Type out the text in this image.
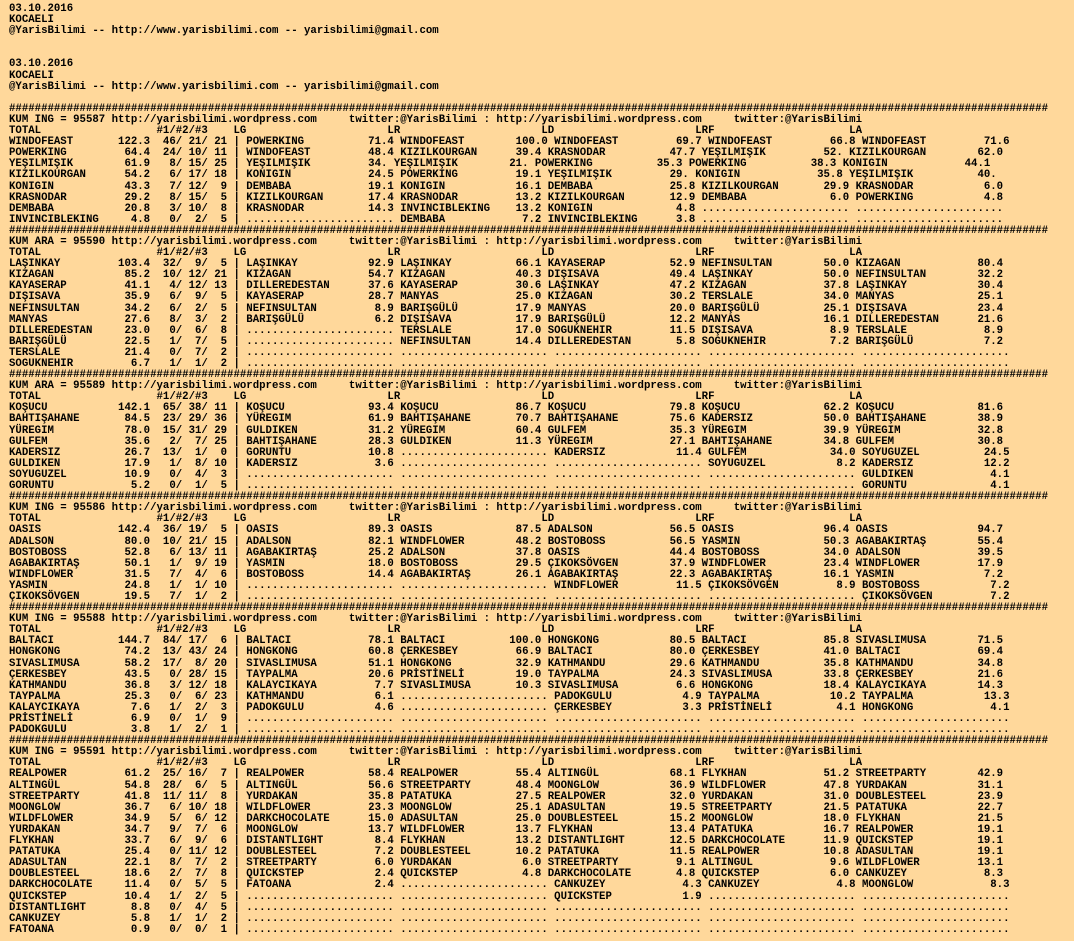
03.10.2016
KOCAELI
@YarisBilimi -- http://www.yarisbilimi.com -- yarisbilimi@gmail.com
03.10.2016
KOCAELI
@YarisBilimi -- http://www.yarisbilimi.com -- yarisbilimi@gmail.com
##################################################################################################################################################################
KUM ING = 95587 http://yarisbilimi.wordpress.com     twitter:@YarisBilimi : http://yarisbilimi.wordpress.com     twitter:@YarisBilimi
TOTAL                  #1/#2/#3    LG                      LR                      LD                      LRF                     LA
WINDOFEAST       122.3  46/ 21/ 21 | POWERKING          71.4 WINDOFEAST        100.0 WINDOFEAST         69.7 WINDOFEAST         66.8 WINDOFEAST         71.6
POWERKING         64.4  24/ 10/ 11 | WINDOFEAST         48.4 KIZILKOURGAN      39.4 KRASNODAR          47.7 YEŞILMIŞIK         52. KIZILKOURGAN        62.0
YEŞILMIŞIK        61.9   8/ 15/ 25 | YEŞILMIŞIK         34. YEŞILMIŞIK        21. POWERKING          35.3 POWERKING          38.3 KONIGIN            44.1
KIZILKOURGAN      54.2   6/ 17/ 18 | KONIGIN            24.5 POWERKING         19.1 YEŞILMIŞIK         29. KONIGIN            35.8 YEŞILMIŞIK          40.
KONIGIN           43.3   7/ 12/  9 | DEMBABA            19.1 KONIGIN           16.1 DEMBABA            25.8 KIZILKOURGAN       29.9 KRASNODAR           6.0
KRASNODAR         29.2   8/ 15/  5 | KIZILKOURGAN       17.4 KRASNODAR         13.2 KIZILKOURGAN       12.9 DEMBABA             6.0 POWERKING           4.8
DEMBABA           20.8   3/ 10/  8 | KRASNODAR          14.3 INVINCIBLEKING    13.2 KONIGIN             4.8 ....................... .......................
INVINCIBLEKING     4.8   0/  2/  5 | ....................... DEMBABA            7.2 INVINCIBLEKING      3.8 ....................... .......................
##################################################################################################################################################################
KUM ARA = 95590 http://yarisbilimi.wordpress.com     twitter:@YarisBilimi : http://yarisbilimi.wordpress.com     twitter:@YarisBilimi
TOTAL                  #1/#2/#3    LG                      LR                      LD                      LRF                     LA
LAŞINKAY         103.4  32/  9/  5 | LAŞINKAY           92.9 LAŞINKAY          66.1 KAYASERAP          52.9 NEFINSULTAN        50.0 KIZAGAN            80.4
KIZAGAN           85.2  10/ 12/ 21 | KIZAGAN            54.7 KIZAGAN           40.3 DIŞISAVA           49.4 LAŞINKAY           50.0 NEFINSULTAN        32.2
KAYASERAP         41.1   4/ 12/ 13 | DILLEREDESTAN      37.6 KAYASERAP         30.6 LAŞINKAY           47.2 KIZAGAN            37.8 LAŞINKAY           30.4
DIŞISAVA          35.9   6/  9/  5 | KAYASERAP          28.7 MANYAS            25.0 KIZAGAN            30.2 TERSLALE           34.0 MANYAS             25.1
NEFINSULTAN       34.2   6/  2/  5 | NEFINSULTAN         8.9 BARIŞGÜLÜ         17.9 MANYAS             20.0 BARIŞGÜLÜ          25.1 DIŞISAVA           23.4
MANYAS            27.6   8/  3/  2 | BARIŞGÜLÜ           6.2 DIŞISAVA          17.9 BARIŞGÜLÜ          12.2 MANYAS             16.1 DILLEREDESTAN      21.6
DILLEREDESTAN     23.0   0/  6/  8 | ....................... TERSLALE          17.0 SOGUKNEHIR         11.5 DIŞISAVA            8.9 TERSLALE            8.9
BARIŞGÜLÜ         22.5   1/  7/  5 | ....................... NEFINSULTAN       14.4 DILLEREDESTAN       5.8 SOGUKNEHIR          7.2 BARIŞGÜLÜ           7.2
TERSLALE          21.4   0/  7/  2 | ....................... ....................... ....................... ....................... .......................
SOGUKNEHIR         6.7   1/  1/  2 | ....................... ....................... ....................... ....................... .......................
##################################################################################################################################################################
KUM ARA = 95589 http://yarisbilimi.wordpress.com     twitter:@YarisBilimi : http://yarisbilimi.wordpress.com     twitter:@YarisBilimi
TOTAL                  #1/#2/#3    LG                      LR                      LD                      LRF                     LA
KOŞUCU           142.1  65/ 38/ 11 | KOŞUCU             93.4 KOŞUCU            86.7 KOŞUCU             79.8 KOŞUCU             62.2 KOŞUCU             81.6
BAHTIŞAHANE       84.5  23/ 29/ 36 | YÜREGIM            61.9 BAHTIŞAHANE       70.7 BAHTIŞAHANE        75.6 KADERSIZ           50.0 BAHTIŞAHANE        38.9
YÜREGIM           78.0  15/ 31/ 29 | GULDIKEN           31.2 YÜREGIM           60.4 GULFEM             35.3 YÜREGIM            39.9 YÜREGIM            32.8
GULFEM            35.6   2/  7/ 25 | BAHTIŞAHANE        28.3 GULDIKEN          11.3 YÜREGIM            27.1 BAHTIŞAHANE        34.8 GULFEM             30.8
KADERSIZ          26.7  13/  1/  0 | GORUNTU            10.8 ....................... KADERSIZ           11.4 GULFEM             34.0 SOYUGUZEL          24.5
GULDIKEN          17.9   1/  8/ 10 | KADERSIZ            3.6 ....................... ....................... SOYUGUZEL           8.2 KADERSIZ           12.2
SOYUGUZEL         10.9   0/  4/  3 | ....................... ....................... ....................... ....................... GULDIKEN            4.1
GORUNTU            5.2   0/  1/  5 | ....................... ....................... ....................... ....................... GORUNTU             4.1
##################################################################################################################################################################
KUM ING = 95586 http://yarisbilimi.wordpress.com     twitter:@YarisBilimi : http://yarisbilimi.wordpress.com     twitter:@YarisBilimi
TOTAL                  #1/#2/#3    LG                      LR                      LD                      LRF                     LA
OASIS            142.4  36/ 19/  5 | OASIS              89.3 OASIS             87.5 ADALSON            56.5 OASIS              96.4 OASIS              94.7
ADALSON           80.0  10/ 21/ 15 | ADALSON            82.1 WINDFLOWER        48.2 BOSTOBOSS          56.5 YASMIN             50.3 AGABAKIRTAŞ        55.4
BOSTOBOSS         52.8   6/ 13/ 11 | AGABAKIRTAŞ        25.2 ADALSON           37.8 OASIS              44.4 BOSTOBOSS          34.0 ADALSON            39.5
AGABAKIRTAŞ       50.1   1/  9/ 19 | YASMIN             18.0 BOSTOBOSS         29.5 ÇIKOKSÖVGEN        37.9 WINDFLOWER         23.4 WINDFLOWER         17.9
WINDFLOWER        31.5   7/  4/  6 | BOSTOBOSS          14.4 AGABAKIRTAŞ       26.1 AGABAKIRTAŞ        22.3 AGABAKIRTAŞ        16.1 YASMIN              7.2
YASMIN            24.8   1/  1/ 10 | ....................... ....................... WINDFLOWER         11.5 ÇIKOKSÖVGEN         8.9 BOSTOBOSS           7.2
ÇIKOKSÖVGEN       19.5   7/  1/  2 | ....................... ....................... ....................... ....................... ÇIKOKSÖVGEN         7.2
##################################################################################################################################################################
KUM ING = 95588 http://yarisbilimi.wordpress.com     twitter:@YarisBilimi : http://yarisbilimi.wordpress.com     twitter:@YarisBilimi
TOTAL                  #1/#2/#3    LG                      LR                      LD                      LRF                     LA
BALTACI          144.7  84/ 17/  6 | BALTACI            78.1 BALTACI          100.0 HONGKONG           80.5 BALTACI            85.8 SIVASLIMUSA        71.5
HONGKONG          74.2  13/ 43/ 24 | HONGKONG           60.8 ÇERKESBEY         66.9 BALTACI            80.0 ÇERKESBEY          41.0 BALTACI            69.4
SIVASLIMUSA       58.2  17/  8/ 20 | SIVASLIMUSA        51.1 HONGKONG          32.9 KATHMANDU          29.6 KATHMANDU          35.8 KATHMANDU          34.8
ÇERKESBEY         43.5   0/ 28/ 15 | TAYPALMA           20.6 PRİSTİNELİ        19.0 TAYPALMA           24.3 SIVASLIMUSA        33.8 ÇERKESBEY          21.6
KATHMANDU         36.8   3/ 12/ 18 | KALAYCIKAYA         7.7 SIVASLIMUSA       10.3 SIVASLIMUSA         6.6 HONGKONG           18.4 KALAYCIKAYA        14.3
TAYPALMA          25.3   0/  6/ 23 | KATHMANDU           6.1 ....................... PADOKGULU           4.9 TAYPALMA           10.2 TAYPALMA           13.3
KALAYCIKAYA        7.6   1/  2/  3 | PADOKGULU           4.6 ....................... ÇERKESBEY           3.3 PRİSTİNELİ          4.1 HONGKONG            4.1
PRİSTİNELİ         6.9   0/  1/  9 | ....................... ....................... ....................... ....................... .......................
PADOKGULU          3.8   1/  2/  1 | ....................... ....................... ....................... ....................... .......................
##################################################################################################################################################################
KUM ING = 95591 http://yarisbilimi.wordpress.com     twitter:@YarisBilimi : http://yarisbilimi.wordpress.com     twitter:@YarisBilimi
TOTAL                  #1/#2/#3    LG                      LR                      LD                      LRF                     LA
REALPOWER         61.2  25/ 16/  7 | REALPOWER          58.4 REALPOWER         55.4 ALTINGÜL           68.1 FLYKHAN            51.2 STREETPARTY        42.9
ALTINGÜL          54.8  28/  6/  5 | ALTINGÜL           56.6 STREETPARTY       48.4 MOONGLOW           36.9 WILDFLOWER         47.8 YURDAKAN           31.1
STREETPARTY       41.8  11/ 11/  8 | YURDAKAN           35.8 PATATUKA          27.5 REALPOWER          32.0 YURDAKAN           31.0 DOUBLESTEEL        23.9
MOONGLOW          36.7   6/ 10/ 18 | WILDFLOWER         23.3 MOONGLOW          25.1 ADASULTAN          19.5 STREETPARTY        21.5 PATATUKA           22.7
WILDFLOWER        34.9   5/  6/ 12 | DARKCHOCOLATE      15.0 ADASULTAN         25.0 DOUBLESTEEL        15.2 MOONGLOW           18.0 FLYKHAN            21.5
YURDAKAN          34.7   9/  7/  6 | MOONGLOW           13.7 WILDFLOWER        13.7 FLYKHAN            13.4 PATATUKA           16.7 REALPOWER          19.1
FLYKHAN           33.7   6/  9/  6 | DISTANTLIGHT        8.4 FLYKHAN           13.2 DISTANTLIGHT       12.5 DARKCHOCOLATE      11.9 QUICKSTEP          19.1
PATATUKA          25.4   0/ 11/ 12 | DOUBLESTEEL         7.2 DOUBLESTEEL       10.2 PATATUKA           11.5 REALPOWER          10.8 ADASULTAN          19.1
ADASULTAN         22.1   8/  7/  2 | STREETPARTY         6.0 YURDAKAN           6.0 STREETPARTY         9.1 ALTINGUL            9.6 WILDFLOWER         13.1
DOUBLESTEEL       18.6   2/  7/  8 | QUICKSTEP           2.4 QUICKSTEP          4.8 DARKCHOCOLATE       4.8 QUICKSTEP           6.0 CANKUZEY            8.3
DARKCHOCOLATE     11.4   0/  5/  5 | FATOANA             2.4 ....................... CANKUZEY            4.3 CANKUZEY            4.8 MOONGLOW            8.3
QUICKSTEP         10.4   1/  2/  5 | ....................... ....................... QUICKSTEP           1.9 ....................... .......................
DISTANTLIGHT       8.8   0/  4/  5 | ....................... ....................... ....................... ....................... .......................
CANKUZEY           5.8   1/  1/  2 | ....................... ....................... ....................... ....................... .......................
FATOANA            0.9   0/  0/  1 | ....................... ....................... ....................... ....................... .......................
